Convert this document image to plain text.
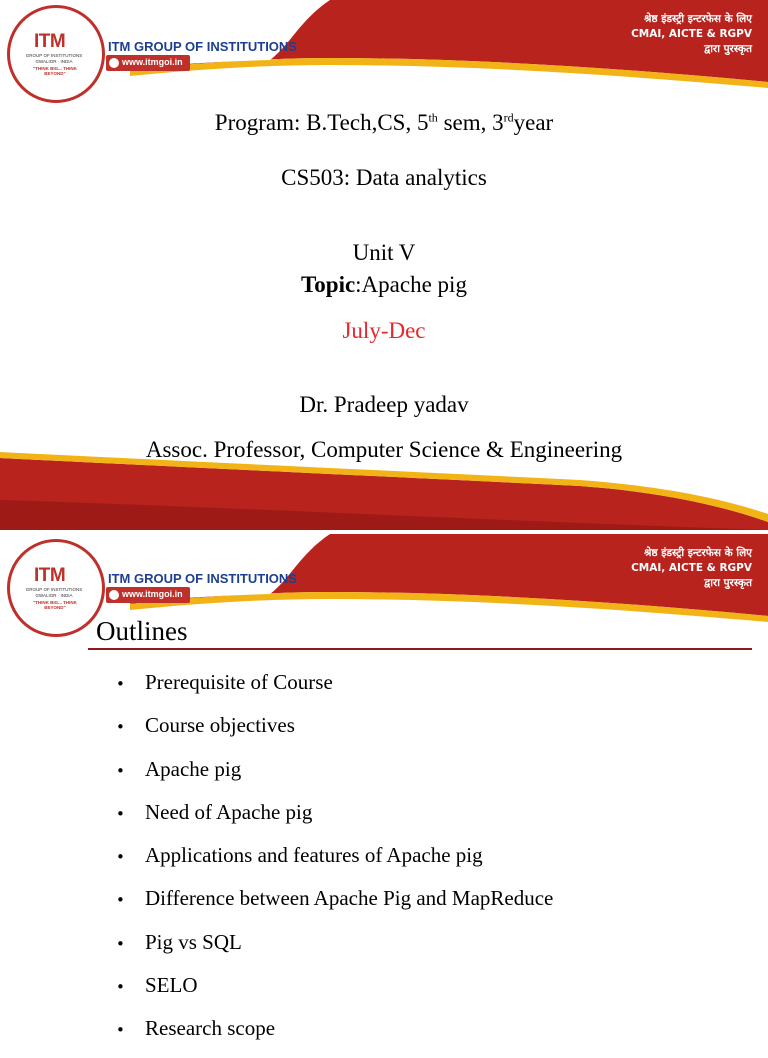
ITM
GROUP OF INSTITUTIONS
GWALIOR · INDIA
"THINK BIG... THINK BEYOND"
ITM GROUP OF INSTITUTIONS
www.itmgoi.in
श्रेष्ठ इंडस्ट्री इन्टरफेस के लिए
CMAI, AICTE & RGPV
द्वारा पुरस्कृत
Program: B.Tech,CS, 5th sem, 3rdyear
CS503: Data analytics
Unit V
Topic:Apache pig
July-Dec
Dr. Pradeep yadav
Assoc. Professor, Computer Science & Engineering
ITM
GROUP OF INSTITUTIONS
GWALIOR · INDIA
"THINK BIG... THINK BEYOND"
ITM GROUP OF INSTITUTIONS
www.itmgoi.in
श्रेष्ठ इंडस्ट्री इन्टरफेस के लिए
CMAI, AICTE & RGPV
द्वारा पुरस्कृत
Outlines
• Prerequisite of Course
• Course objectives
• Apache pig
• Need of Apache pig
• Applications and features of Apache pig
• Difference between Apache Pig and MapReduce
• Pig vs SQL
• SELO
• Research scope
